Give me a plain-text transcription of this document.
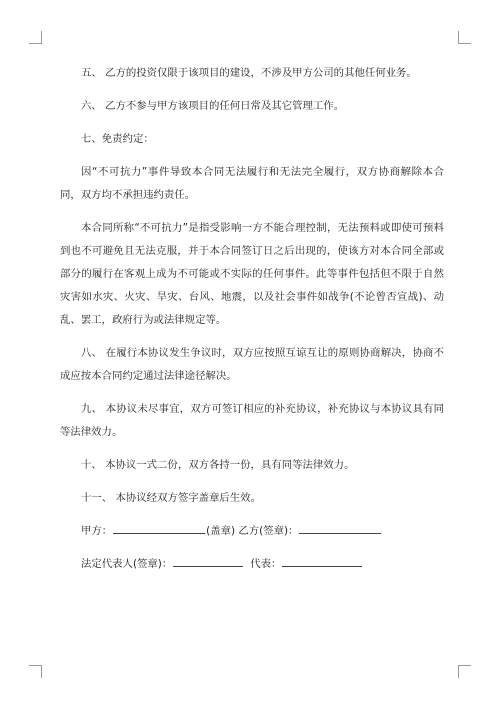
五、 乙方的投资仅限于该项目的建设，不涉及甲方公司的其他任何业务。

六、 乙方不参与甲方该项目的任何日常及其它管理工作。

七、免责约定：

因“不可抗力”事件导致本合同无法履行和无法完全履行，双方协商解除本合同，双方均不承担违约责任。

本合同所称“不可抗力”是指受影响一方不能合理控制，无法预料或即使可预料到也不可避免且无法克服，并于本合同签订日之后出现的，使该方对本合同全部或部分的履行在客观上成为不可能或不实际的任何事件。此等事件包括但不限于自然灾害如水灾、火灾、旱灾、台风、地震，以及社会事件如战争(不论曾否宣战)、动乱、罢工，政府行为或法律规定等。

八、 在履行本协议发生争议时，双方应按照互谅互让的原则协商解决，协商不成应按本合同约定通过法律途径解决。

九、 本协议未尽事宜，双方可签订相应的补充协议，补充协议与本协议具有同等法律效力。

十、 本协议一式二份，双方各持一份，具有同等法律效力。

十一、 本协议经双方签字盖章后生效。

甲方：	(盖章) 乙方(签章)：
法定代表人(签章)：	代表：
